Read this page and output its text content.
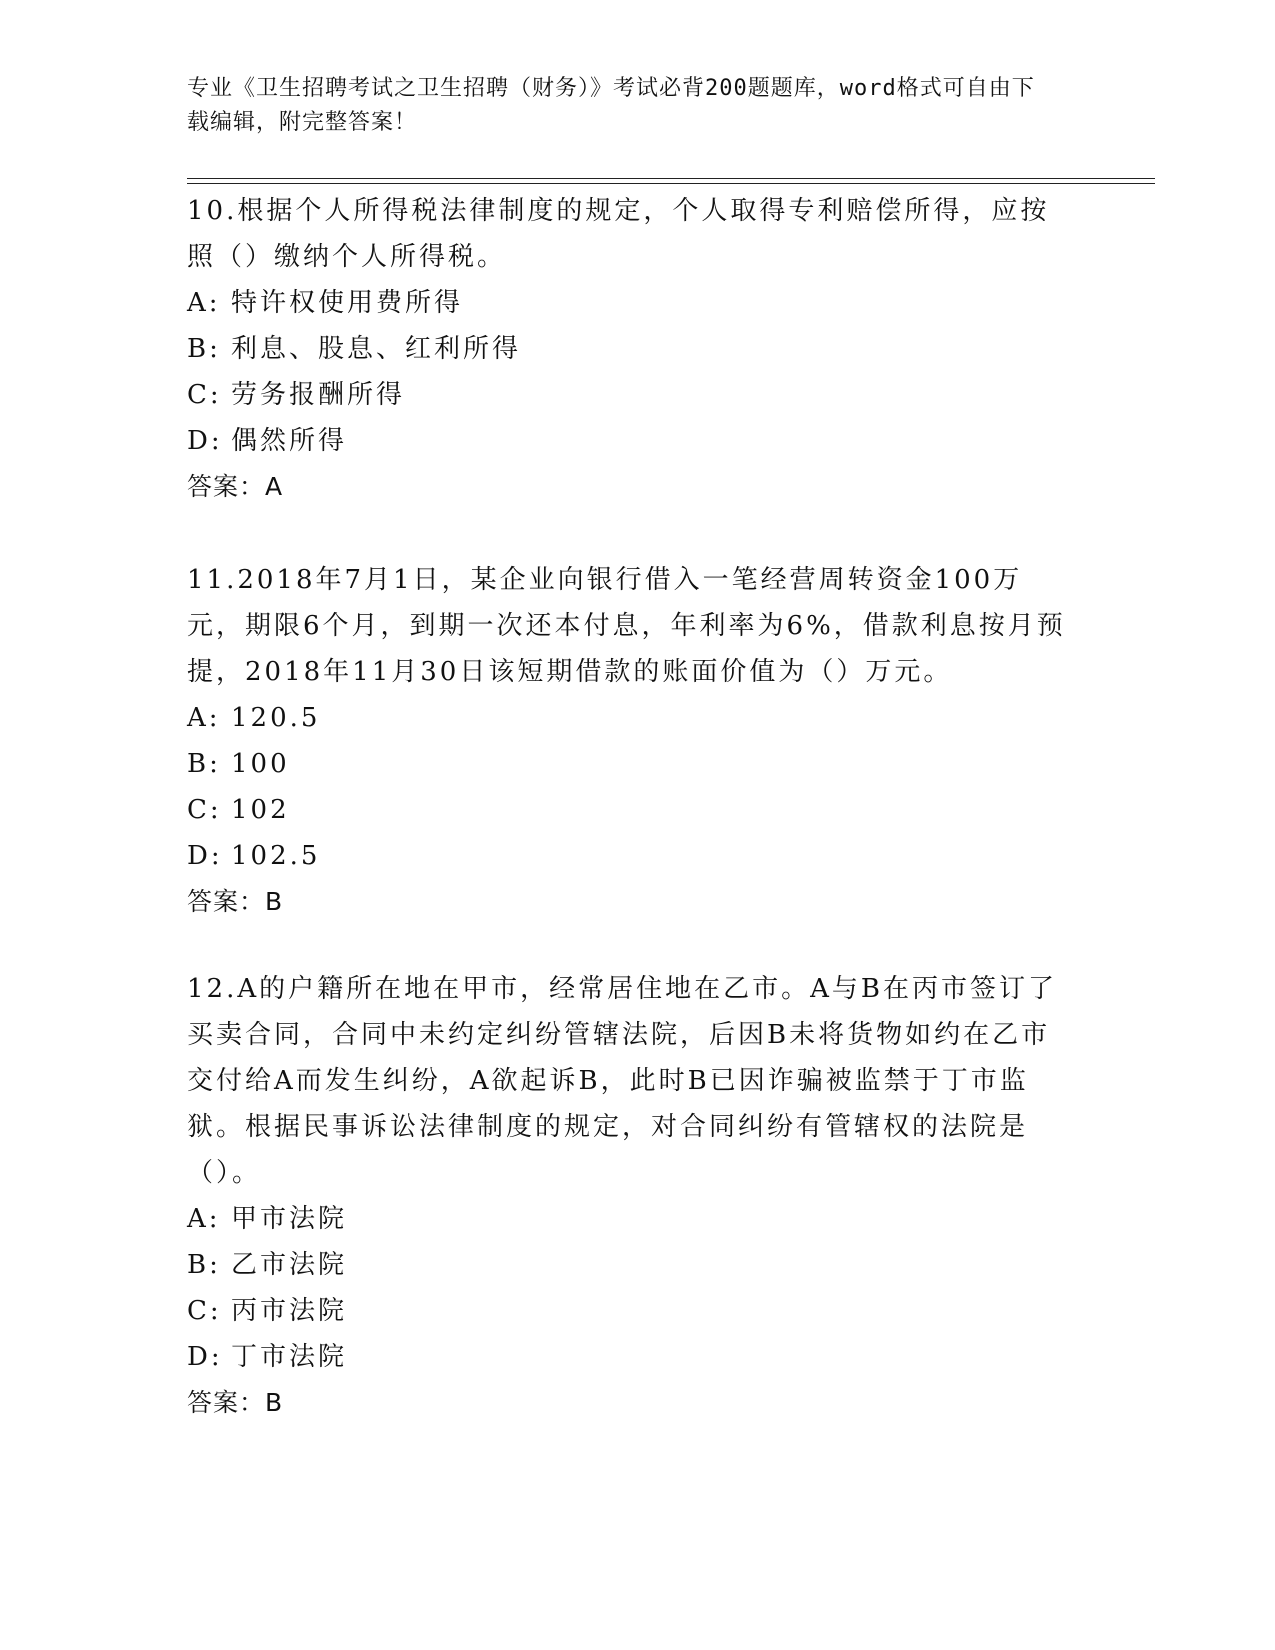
专业《卫生招聘考试之卫生招聘（财务）》考试必背200题题库，word格式可自由下载编辑，附完整答案！

10.根据个人所得税法律制度的规定，个人取得专利赔偿所得，应按照（）缴纳个人所得税。

A: 特许权使用费所得

B: 利息、股息、红利所得

C: 劳务报酬所得

D: 偶然所得

答案：A

11.2018年7月1日，某企业向银行借入一笔经营周转资金100万元，期限6个月，到期一次还本付息，年利率为6%，借款利息按月预提，2018年11月30日该短期借款的账面价值为（）万元。

A: 120.5

B: 100

C: 102

D: 102.5

答案：B

12.A的户籍所在地在甲市，经常居住地在乙市。A与B在丙市签订了买卖合同，合同中未约定纠纷管辖法院，后因B未将货物如约在乙市交付给A而发生纠纷，A欲起诉B，此时B已因诈骗被监禁于丁市监狱。根据民事诉讼法律制度的规定，对合同纠纷有管辖权的法院是（）。

A: 甲市法院

B: 乙市法院

C: 丙市法院

D: 丁市法院

答案：B
